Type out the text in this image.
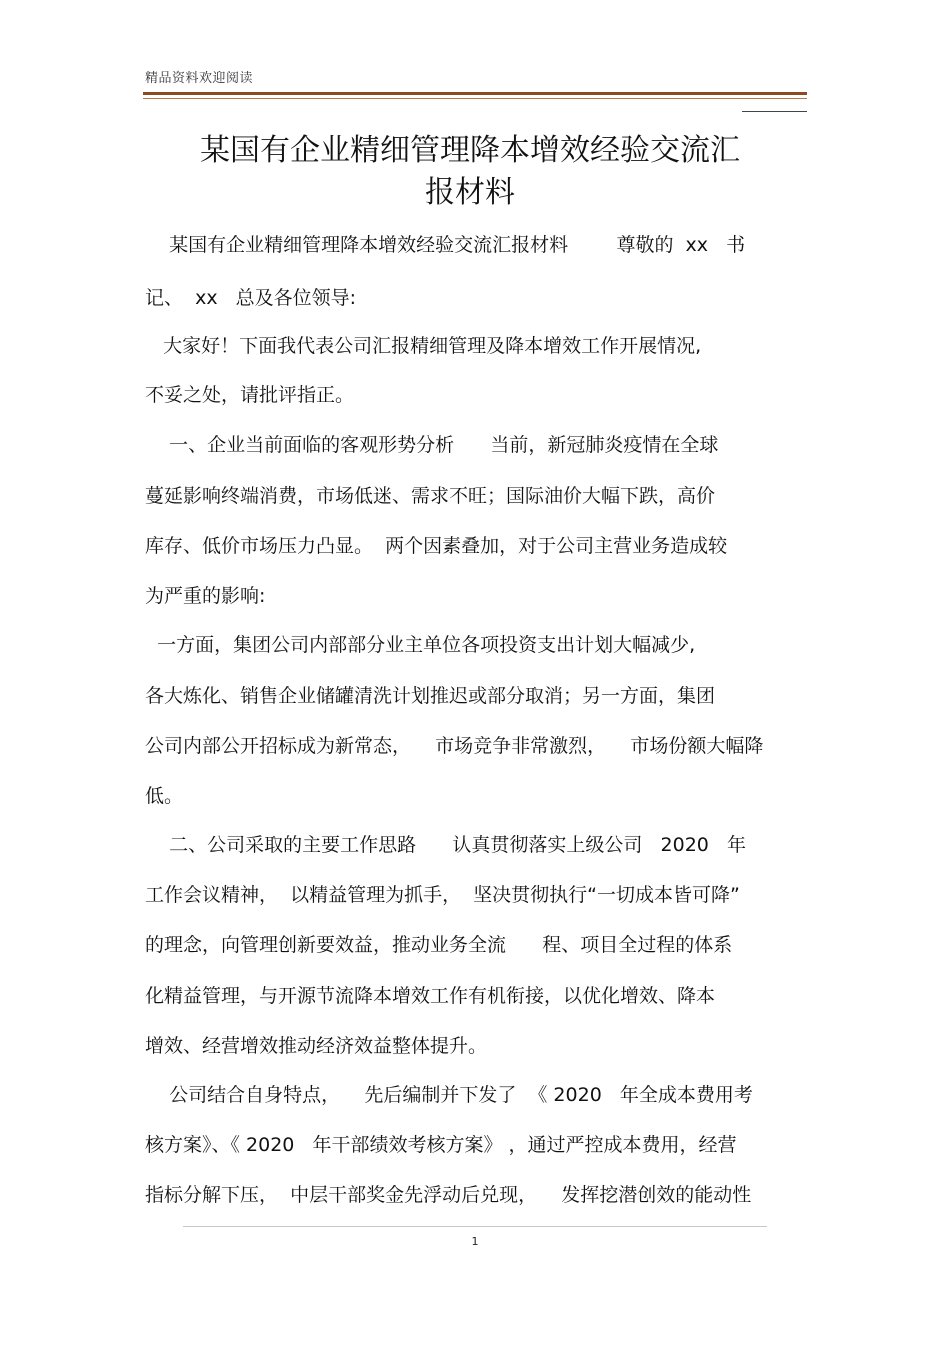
精品资料欢迎阅读
某国有企业精细管理降本增效经验交流汇
报材料
某国有企业精细管理降本增效经验交流汇报材料        尊敬的  xx   书
记、  xx   总及各位领导:
大家好！下面我代表公司汇报精细管理及降本增效工作开展情况,
不妥之处，请批评指正。
一、企业当前面临的客观形势分析      当前，新冠肺炎疫情在全球
蔓延影响终端消费，市场低迷、需求不旺；国际油价大幅下跌，高价
库存、低价市场压力凸显。  两个因素叠加，对于公司主营业务造成较
为严重的影响:
一方面，集团公司内部部分业主单位各项投资支出计划大幅减少,
各大炼化、销售企业储罐清洗计划推迟或部分取消；另一方面，集团
公司内部公开招标成为新常态，    市场竞争非常激烈，    市场份额大幅降
低。
二、公司采取的主要工作思路      认真贯彻落实上级公司   2020   年
工作会议精神，  以精益管理为抓手，  坚决贯彻执行“一切成本皆可降”
的理念，向管理创新要效益，推动业务全流      程、项目全过程的体系
化精益管理，与开源节流降本增效工作有机衔接，以优化增效、降本
增效、经营增效推动经济效益整体提升。
公司结合自身特点，    先后编制并下发了  《 2020   年全成本费用考
核方案》、《 2020   年干部绩效考核方案》 ，通过严控成本费用，经营
指标分解下压，  中层干部奖金先浮动后兑现，    发挥挖潜创效的能动性
1
